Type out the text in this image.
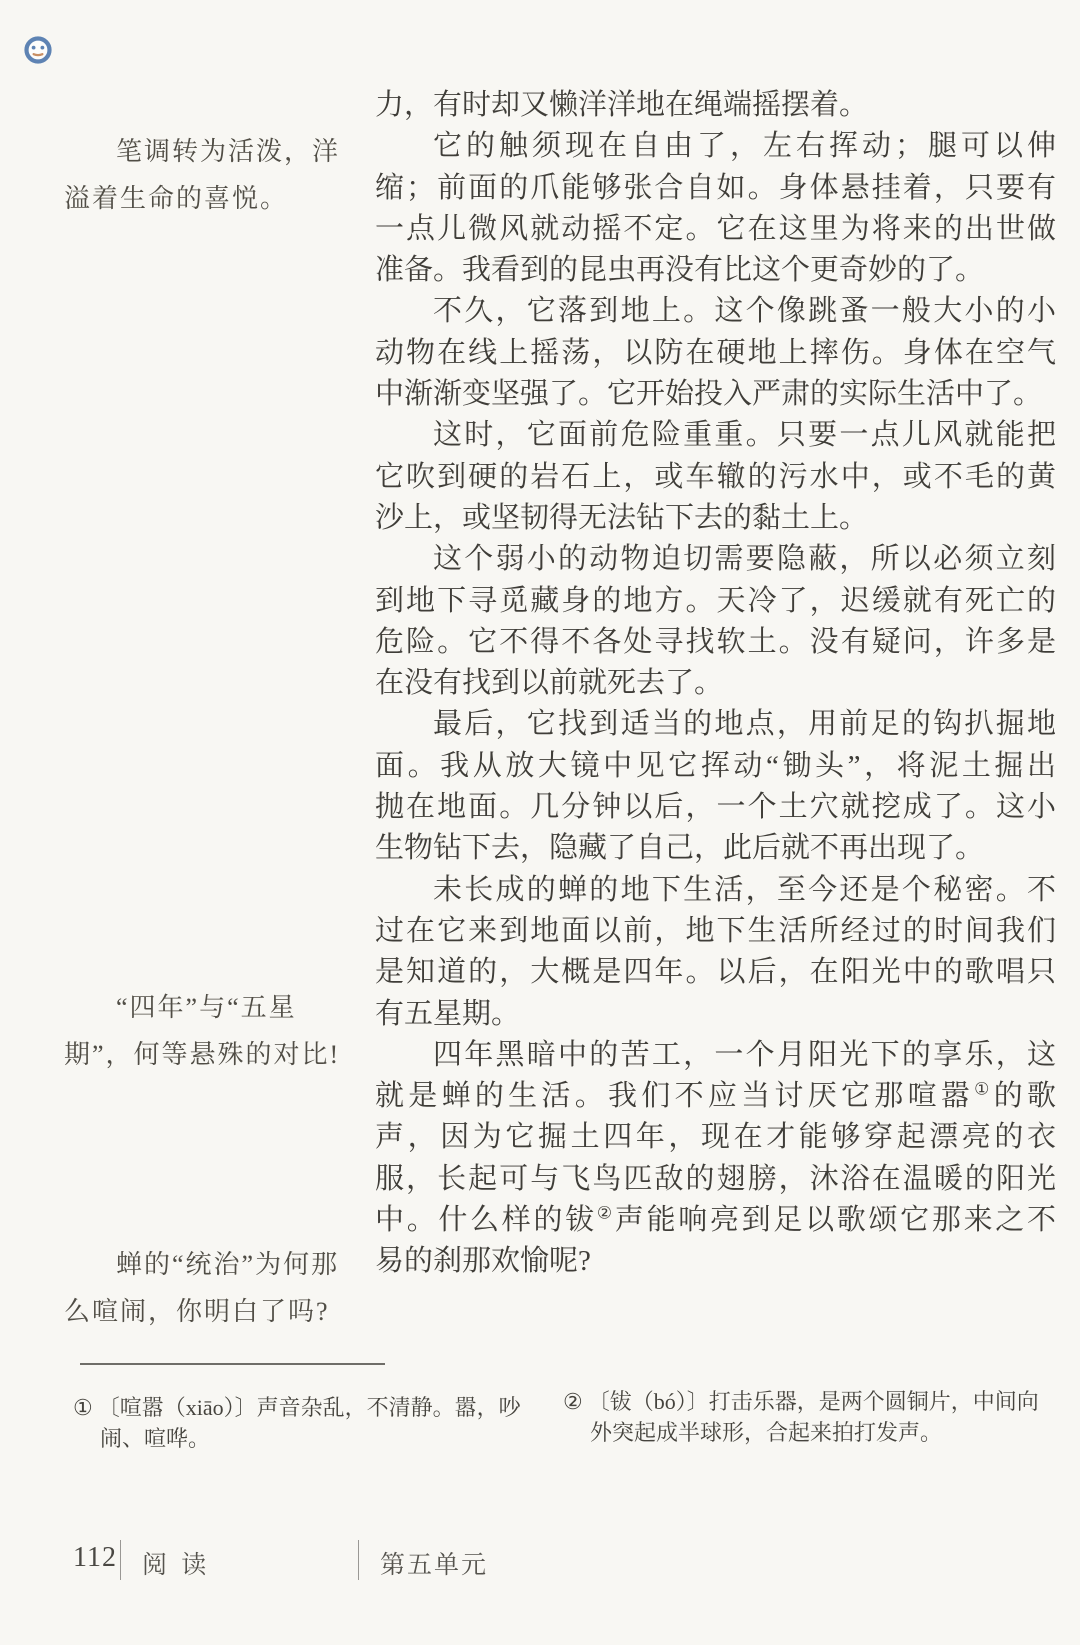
笔调转为活泼，洋
溢着生命的喜悦。
“四年”与“五星
期”，何等悬殊的对比!
蝉的“统治”为何那
么喧闹，你明白了吗?
力，有时却又懒洋洋地在绳端摇摆着。
它的触须现在自由了，左右挥动；腿可以伸
缩；前面的爪能够张合自如。身体悬挂着，只要有
一点儿微风就动摇不定。它在这里为将来的出世做
准备。我看到的昆虫再没有比这个更奇妙的了。
不久，它落到地上。这个像跳蚤一般大小的小
动物在线上摇荡，以防在硬地上摔伤。身体在空气
中渐渐变坚强了。它开始投入严肃的实际生活中了。
这时，它面前危险重重。只要一点儿风就能把
它吹到硬的岩石上，或车辙的污水中，或不毛的黄
沙上，或坚韧得无法钻下去的黏土上。
这个弱小的动物迫切需要隐蔽，所以必须立刻
到地下寻觅藏身的地方。天冷了，迟缓就有死亡的
危险。它不得不各处寻找软土。没有疑问，许多是
在没有找到以前就死去了。
最后，它找到适当的地点，用前足的钩扒掘地
面。我从放大镜中见它挥动“锄头”，将泥土掘出
抛在地面。几分钟以后，一个土穴就挖成了。这小
生物钻下去，隐藏了自己，此后就不再出现了。
未长成的蝉的地下生活，至今还是个秘密。不
过在它来到地面以前，地下生活所经过的时间我们
是知道的，大概是四年。以后，在阳光中的歌唱只
有五星期。
四年黑暗中的苦工，一个月阳光下的享乐，这
就是蝉的生活。我们不应当讨厌它那喧嚣①的歌
声，因为它掘土四年，现在才能够穿起漂亮的衣
服，长起可与飞鸟匹敌的翅膀，沐浴在温暖的阳光
中。什么样的钹②声能响亮到足以歌颂它那来之不
易的刹那欢愉呢?
① 〔喧嚣（xiāo）〕声音杂乱，不清静。嚣，吵
闹、喧哗。
② 〔钹（bó）〕打击乐器，是两个圆铜片，中间向
外突起成半球形，合起来拍打发声。
112 阅 读	第五单元
